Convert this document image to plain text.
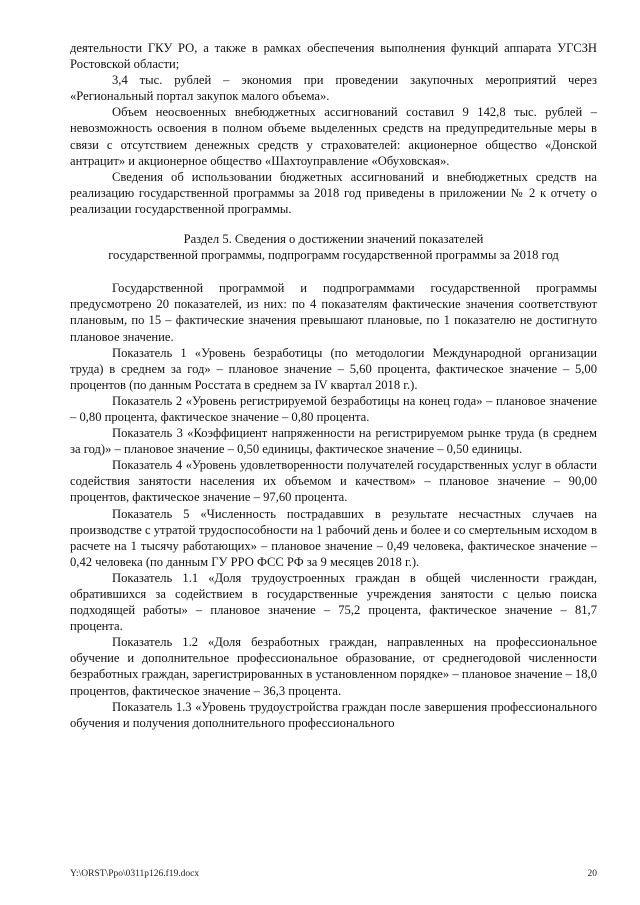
деятельности ГКУ РО, а также в рамках обеспечения выполнения функций аппарата УГСЗН Ростовской области;

3,4 тыс. рублей – экономия при проведении закупочных мероприятий через «Региональный портал закупок малого объема».

Объем неосвоенных внебюджетных ассигнований составил 9 142,8 тыс. рублей – невозможность освоения в полном объеме выделенных средств на предупредительные меры в связи с отсутствием денежных средств у страхователей: акционерное общество «Донской антрацит» и акционерное общество «Шахтоуправление «Обуховская».

Сведения об использовании бюджетных ассигнований и внебюджетных средств на реализацию государственной программы за 2018 год приведены в приложении № 2 к отчету о реализации государственной программы.

Раздел 5. Сведения о достижении значений показателей
государственной программы, подпрограмм государственной программы за 2018 год

Государственной программой и подпрограммами государственной программы предусмотрено 20 показателей, из них: по 4 показателям фактические значения соответствуют плановым, по 15 – фактические значения превышают плановые, по 1 показателю не достигнуто плановое значение.

Показатель 1 «Уровень безработицы (по методологии Международной организации труда) в среднем за год» – плановое значение – 5,60 процента, фактическое значение – 5,00 процентов (по данным Росстата в среднем за IV квартал 2018 г.).

Показатель 2 «Уровень регистрируемой безработицы на конец года» – плановое значение – 0,80 процента, фактическое значение – 0,80 процента.

Показатель 3 «Коэффициент напряженности на регистрируемом рынке труда (в среднем за год)» – плановое значение – 0,50 единицы, фактическое значение – 0,50 единицы.

Показатель 4 «Уровень удовлетворенности получателей государственных услуг в области содействия занятости населения их объемом и качеством» – плановое значение – 90,00 процентов, фактическое значение – 97,60 процента.

Показатель 5 «Численность пострадавших в результате несчастных случаев на производстве с утратой трудоспособности на 1 рабочий день и более и со смертельным исходом в расчете на 1 тысячу работающих» – плановое значение – 0,49 человека, фактическое значение – 0,42 человека (по данным ГУ РРО ФСС РФ за 9 месяцев 2018 г.).

Показатель 1.1 «Доля трудоустроенных граждан в общей численности граждан, обратившихся за содействием в государственные учреждения занятости с целью поиска подходящей работы» – плановое значение – 75,2 процента, фактическое значение – 81,7 процента.

Показатель 1.2 «Доля безработных граждан, направленных на профессиональное обучение и дополнительное профессиональное образование, от среднегодовой численности безработных граждан, зарегистрированных в установленном порядке» – плановое значение – 18,0 процентов, фактическое значение – 36,3 процента.

Показатель 1.3 «Уровень трудоустройства граждан после завершения профессионального обучения и получения дополнительного профессионального

Y:\ORST\Ppo\0311p126.f19.docx	20
